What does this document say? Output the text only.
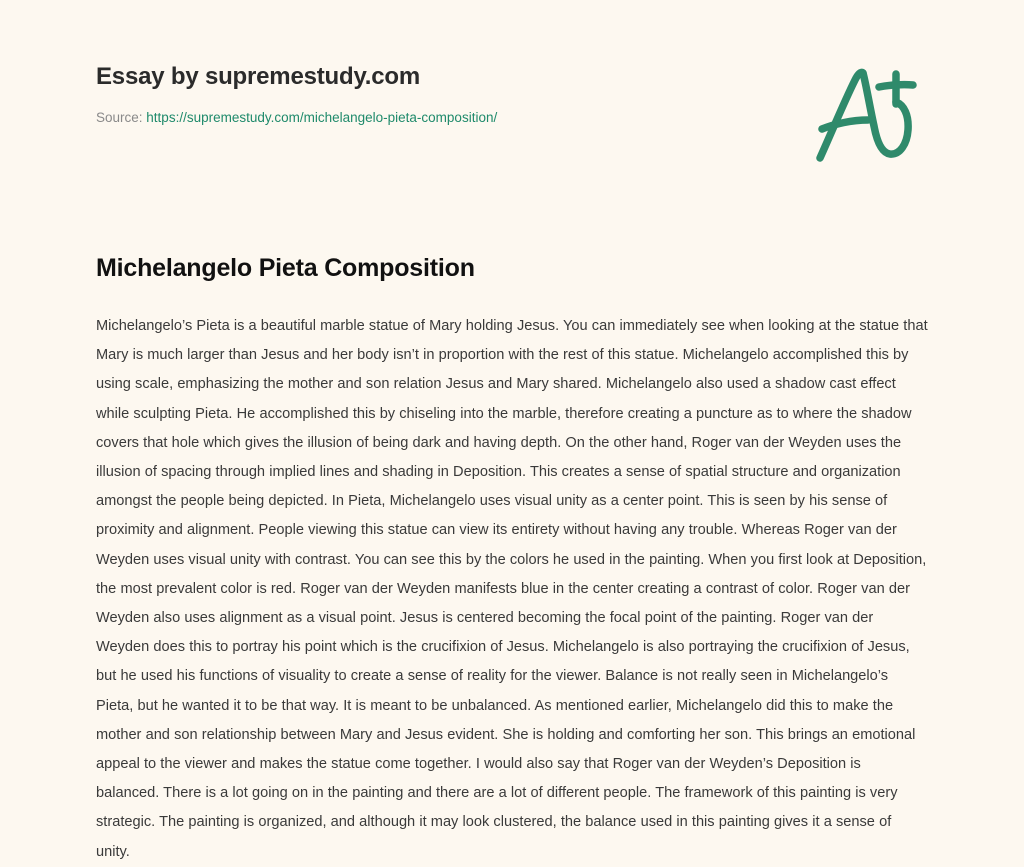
Essay by supremestudy.com
Source: https://supremestudy.com/michelangelo-pieta-composition/
Michelangelo Pieta Composition

Michelangelo’s Pieta is a beautiful marble statue of Mary holding Jesus. You can immediately see when looking at the statue that Mary is much larger than Jesus and her body isn’t in proportion with the rest of this statue. Michelangelo accomplished this by using scale, emphasizing the mother and son relation Jesus and Mary shared. Michelangelo also used a shadow cast effect while sculpting Pieta. He accomplished this by chiseling into the marble, therefore creating a puncture as to where the shadow covers that hole which gives the illusion of being dark and having depth. On the other hand, Roger van der Weyden uses the illusion of spacing through implied lines and shading in Deposition. This creates a sense of spatial structure and organization amongst the people being depicted. In Pieta, Michelangelo uses visual unity as a center point. This is seen by his sense of proximity and alignment. People viewing this statue can view its entirety without having any trouble. Whereas Roger van der Weyden uses visual unity with contrast. You can see this by the colors he used in the painting. When you first look at Deposition, the most prevalent color is red. Roger van der Weyden manifests blue in the center creating a contrast of color. Roger van der Weyden also uses alignment as a visual point. Jesus is centered becoming the focal point of the painting. Roger van der Weyden does this to portray his point which is the crucifixion of Jesus. Michelangelo is also portraying the crucifixion of Jesus, but he used his functions of visuality to create a sense of reality for the viewer. Balance is not really seen in Michelangelo’s Pieta, but he wanted it to be that way. It is meant to be unbalanced. As mentioned earlier, Michelangelo did this to make the mother and son relationship between Mary and Jesus evident. She is holding and comforting her son. This brings an emotional appeal to the viewer and makes the statue come together. I would also say that Roger van der Weyden’s Deposition is balanced. There is a lot going on in the painting and there are a lot of different people. The framework of this painting is very strategic. The painting is organized, and although it may look clustered, the balance used in this painting gives it a sense of unity.
